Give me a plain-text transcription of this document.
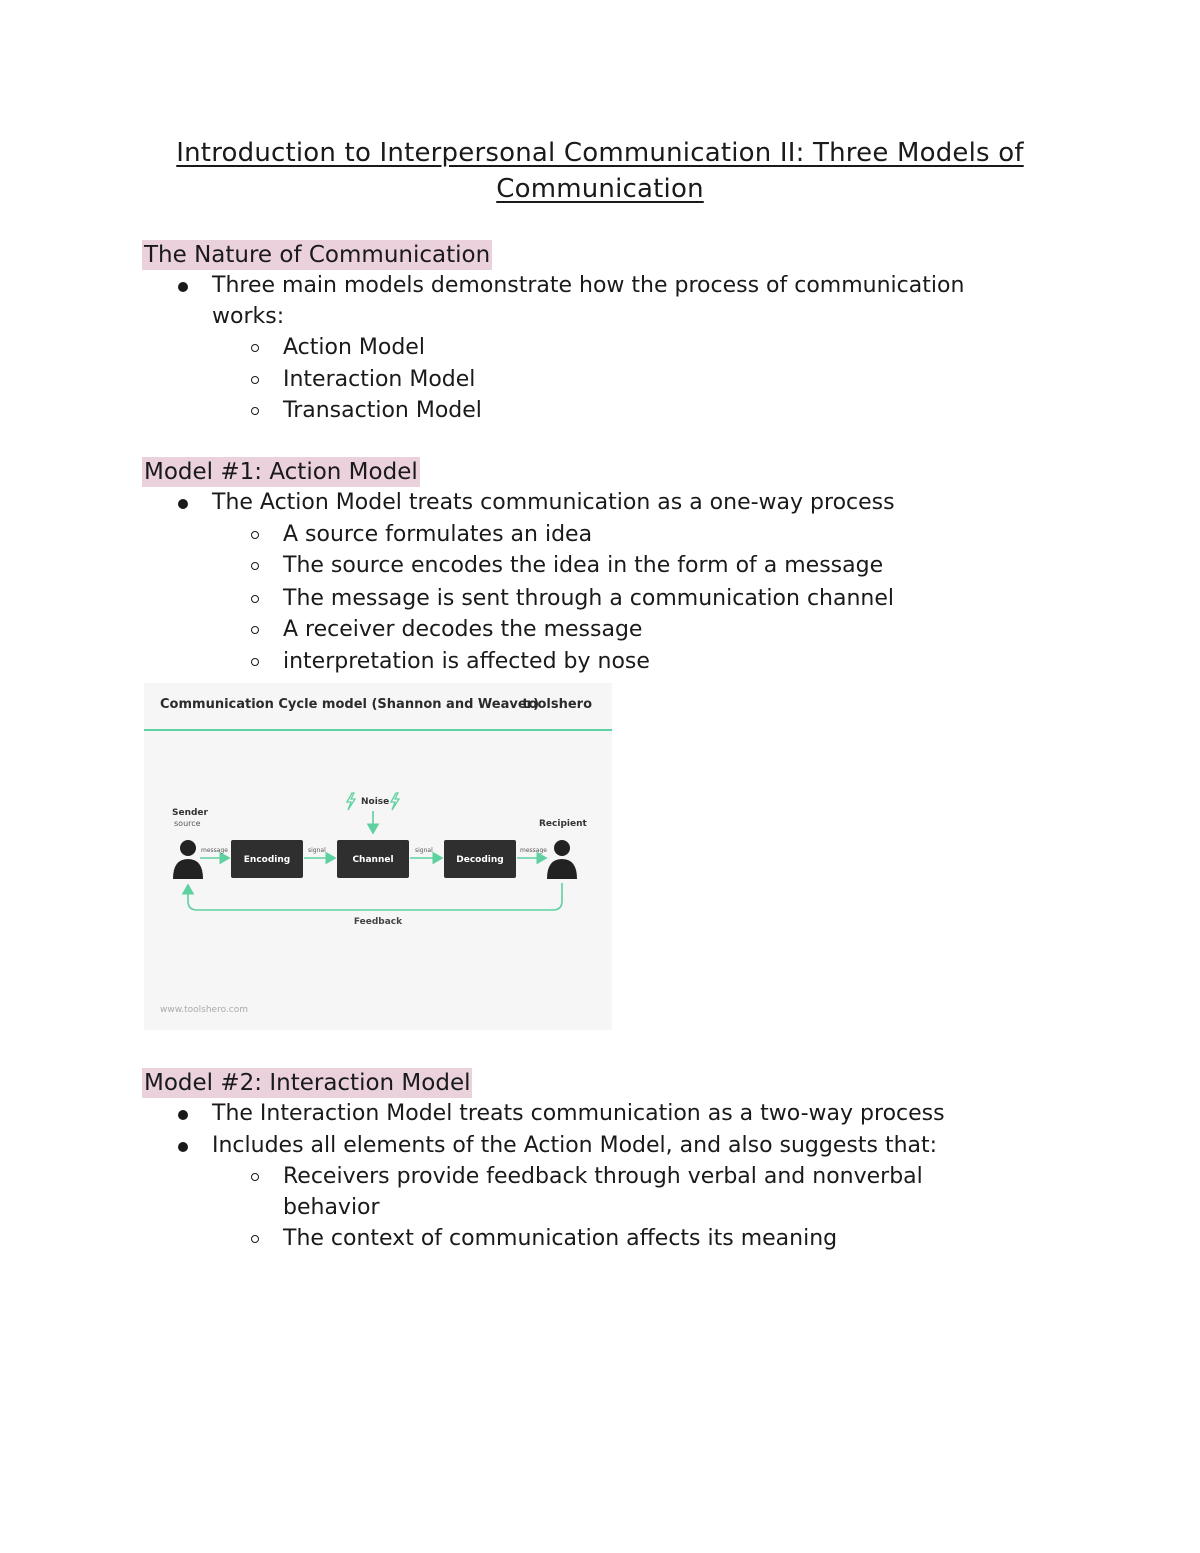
Introduction to Interpersonal Communication II: Three Models of Communication
The Nature of Communication
Three main models demonstrate how the process of communication
works:
Action Model
Interaction Model
Transaction Model
Model #1: Action Model
The Action Model treats communication as a one-way process
A source formulates an idea
The source encodes the idea in the form of a message
The message is sent through a communication channel
A receiver decodes the message
interpretation is affected by nose
Communication Cycle model (Shannon and Weaver)
toolshero
Sender
source	Recipient
Noise
Encoding	Channel	Decoding
message	signal	signal	message
Feedback
www.toolshero.com
Model #2: Interaction Model
The Interaction Model treats communication as a two-way process
Includes all elements of the Action Model, and also suggests that:
Receivers provide feedback through verbal and nonverbal
behavior
The context of communication affects its meaning
